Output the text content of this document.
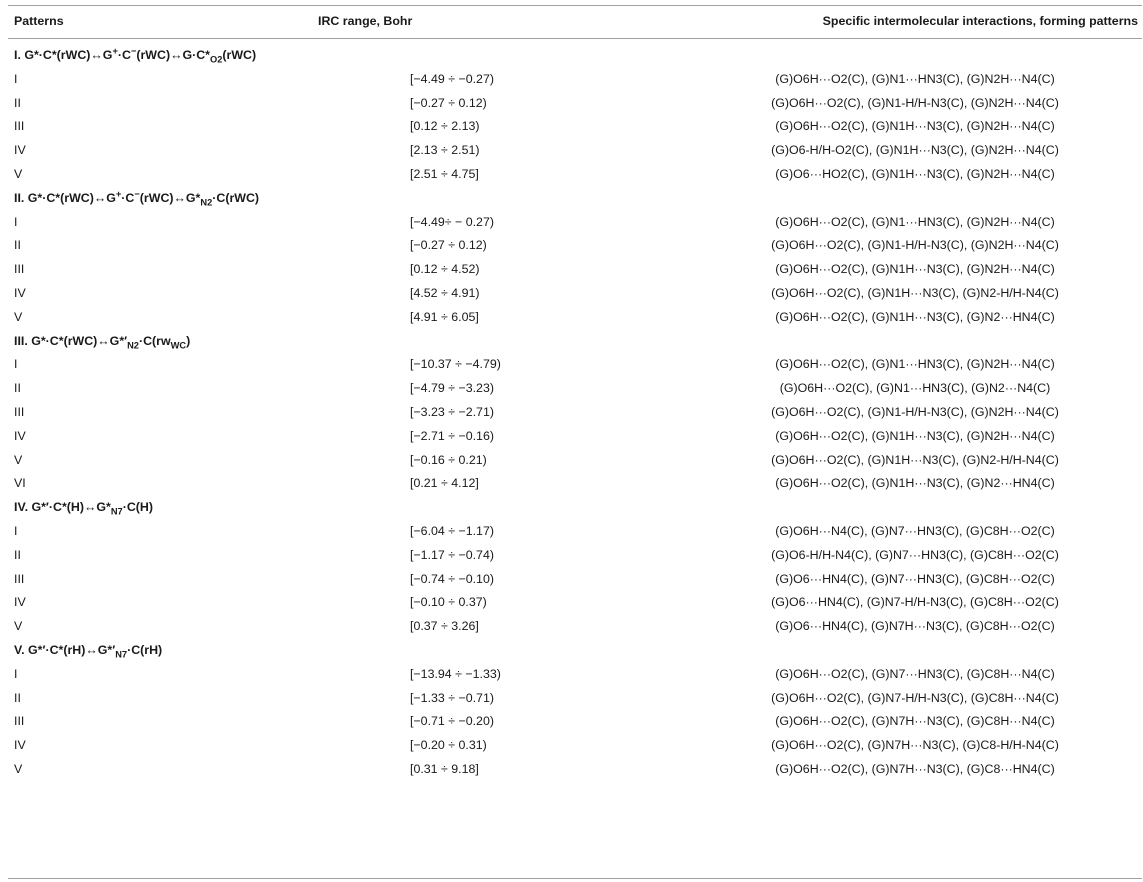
Patterns	IRC range, Bohr	Specific intermolecular interactions, forming patterns
I. $G*\cdot C*(rWC)\leftrightarrow G^+\cdot C^-(rWC)\leftrightarrow G\cdot C*_{O2}(rWC)$
I	[−4.49 ÷ −0.27)	(G)O6H···O2(C), (G)N1···HN3(C), (G)N2H···N4(C)
II	[−0.27 ÷ 0.12)	(G)O6H···O2(C), (G)N1-H/H-N3(C), (G)N2H···N4(C)
III	[0.12 ÷ 2.13)	(G)O6H···O2(C), (G)N1H···N3(C), (G)N2H···N4(C)
IV	[2.13 ÷ 2.51)	(G)O6-H/H-O2(C), (G)N1H···N3(C), (G)N2H···N4(C)
V	[2.51 ÷ 4.75]	(G)O6···HO2(C), (G)N1H···N3(C), (G)N2H···N4(C)
II. $G*\cdot C*(rWC)\leftrightarrow G^+\cdot C^-(rWC)\leftrightarrow G*_{N2}\cdot C(rWC)$
I	[−4.49÷ − 0.27)	(G)O6H···O2(C), (G)N1···HN3(C), (G)N2H···N4(C)
II	[−0.27 ÷ 0.12)	(G)O6H···O2(C), (G)N1-H/H-N3(C), (G)N2H···N4(C)
III	[0.12 ÷ 4.52)	(G)O6H···O2(C), (G)N1H···N3(C), (G)N2H···N4(C)
IV	[4.52 ÷ 4.91)	(G)O6H···O2(C), (G)N1H···N3(C), (G)N2-H/H-N4(C)
V	[4.91 ÷ 6.05]	(G)O6H···O2(C), (G)N1H···N3(C), (G)N2···HN4(C)
III. $G*\cdot C*(rWC)\leftrightarrow G*'_{N2}\cdot C(rw_{WC})$
I	[−10.37 ÷ −4.79)	(G)O6H···O2(C), (G)N1···HN3(C), (G)N2H···N4(C)
II	[−4.79 ÷ −3.23)	(G)O6H···O2(C), (G)N1···HN3(C), (G)N2···N4(C)
III	[−3.23 ÷ −2.71)	(G)O6H···O2(C), (G)N1-H/H-N3(C), (G)N2H···N4(C)
IV	[−2.71 ÷ −0.16)	(G)O6H···O2(C), (G)N1H···N3(C), (G)N2H···N4(C)
V	[−0.16 ÷ 0.21)	(G)O6H···O2(C), (G)N1H···N3(C), (G)N2-H/H-N4(C)
VI	[0.21 ÷ 4.12]	(G)O6H···O2(C), (G)N1H···N3(C), (G)N2···HN4(C)
IV. $G*'\cdot C*(H)\leftrightarrow G*_{N7}\cdot C(H)$
I	[−6.04 ÷ −1.17)	(G)O6H···N4(C), (G)N7···HN3(C), (G)C8H···O2(C)
II	[−1.17 ÷ −0.74)	(G)O6-H/H-N4(C), (G)N7···HN3(C), (G)C8H···O2(C)
III	[−0.74 ÷ −0.10)	(G)O6···HN4(C), (G)N7···HN3(C), (G)C8H···O2(C)
IV	[−0.10 ÷ 0.37)	(G)O6···HN4(C), (G)N7-H/H-N3(C), (G)C8H···O2(C)
V	[0.37 ÷ 3.26]	(G)O6···HN4(C), (G)N7H···N3(C), (G)C8H···O2(C)
V. $G*'\cdot C*(rH)\leftrightarrow G*'_{N7}\cdot C(rH)$
I	[−13.94 ÷ −1.33)	(G)O6H···O2(C), (G)N7···HN3(C), (G)C8H···N4(C)
II	[−1.33 ÷ −0.71)	(G)O6H···O2(C), (G)N7-H/H-N3(C), (G)C8H···N4(C)
III	[−0.71 ÷ −0.20)	(G)O6H···O2(C), (G)N7H···N3(C), (G)C8H···N4(C)
IV	[−0.20 ÷ 0.31)	(G)O6H···O2(C), (G)N7H···N3(C), (G)C8-H/H-N4(C)
V	[0.31 ÷ 9.18]	(G)O6H···O2(C), (G)N7H···N3(C), (G)C8···HN4(C)
